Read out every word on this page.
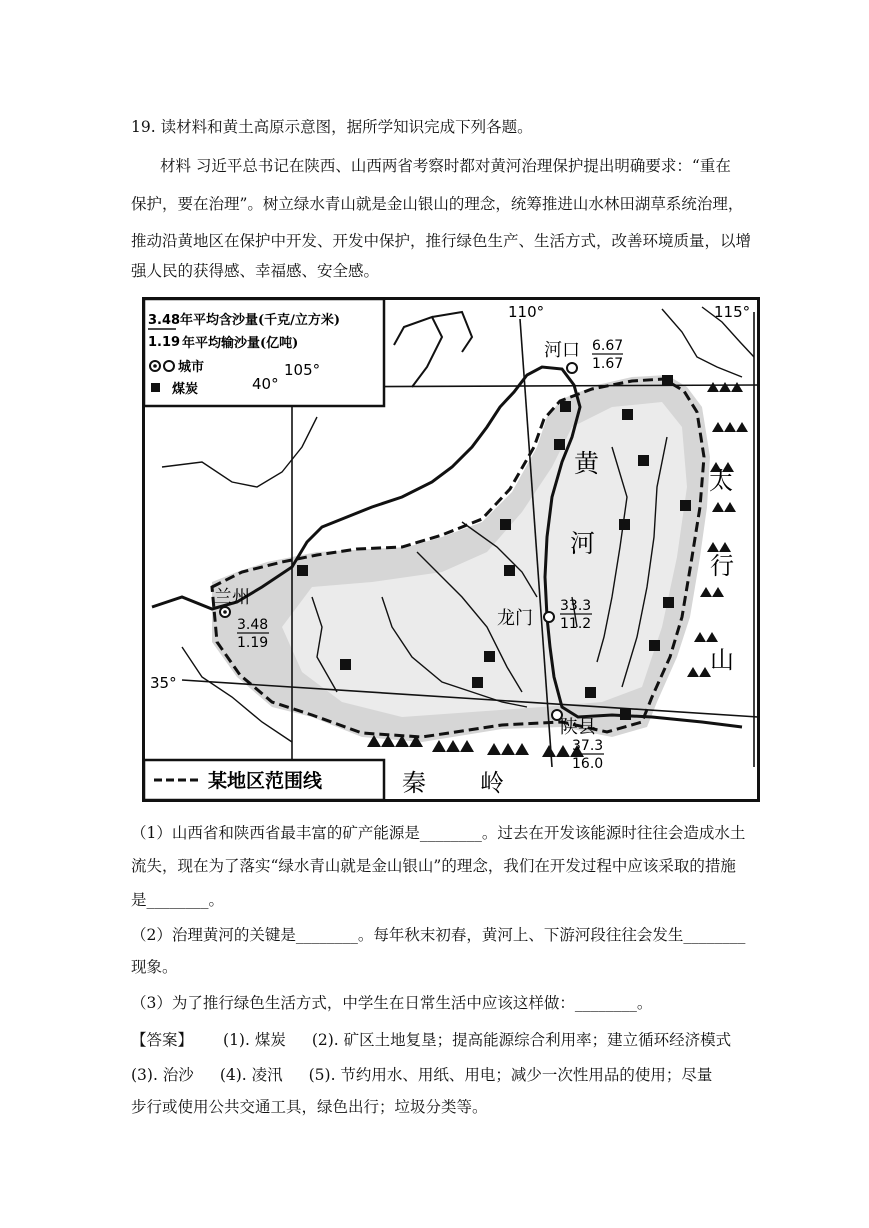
19. 读材料和黄土高原示意图，据所学知识完成下列各题。
材料 习近平总书记在陕西、山西两省考察时都对黄河治理保护提出明确要求：“重在
保护，要在治理”。树立绿水青山就是金山银山的理念，统筹推进山水林田湖草系统治理，
推动沿黄地区在保护中开发、开发中保护，推行绿色生产、生活方式，改善环境质量，以增
强人民的获得感、幸福感、安全感。
3.48 年平均含沙量(千克/立方米)
1.19 年平均输沙量(亿吨)
城市
煤炭
105°
110°	115°
40°
35°
河口 6.67
1.67
兰州
3.48
1.19
龙门
33.3
11.2
陕县
37.3
16.0
黄
河
太
行
山
某地区范围线	秦 岭
（1）山西省和陕西省最丰富的矿产能源是________。过去在开发该能源时往往会造成水土
流失，现在为了落实“绿水青山就是金山银山”的理念，我们在开发过程中应该采取的措施
是________。
（2）治理黄河的关键是________。每年秋末初春，黄河上、下游河段往往会发生________
现象。
（3）为了推行绿色生活方式，中学生在日常生活中应该这样做：________。
【答案】 (1). 煤炭 (2). 矿区土地复垦；提高能源综合利用率；建立循环经济模式
(3). 治沙 (4). 凌汛 (5). 节约用水、用纸、用电；减少一次性用品的使用；尽量
步行或使用公共交通工具，绿色出行；垃圾分类等。
